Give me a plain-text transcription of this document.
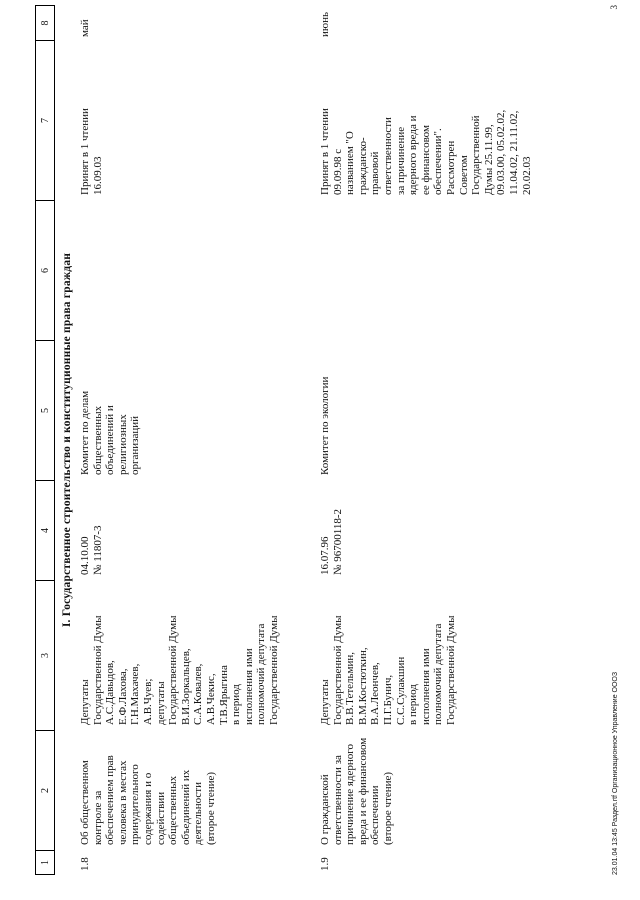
1
2
3
4
5
6
7
8
I. Государственное строительство и конституционные права граждан
1.8
Об общественном
контроле за
обеспечением прав
человека в местах
принудительного
содержания и о
содействии
общественных
объединений их
деятельности
(второе чтение)
Депутаты
Государственной Думы
А.С.Давыдов,
Е.Ф.Лахова,
Г.Н.Махачев,
А.В.Чуев;
депутаты
Государственной Думы
В.И.Зоркальцев,
С.А.Ковалев,
А.В.Чекис,
Т.В.Ярыгина
в период
исполнения ими
полномочий депутата
Государственной Думы
04.10.00
№ 11807-3
Комитет по делам
общественных
объединений и
религиозных
организаций
Принят в 1 чтении
16.09.03
май
1.9
О гражданской
ответственности за
причинение ядерного
вреда и ее финансовом
обеспечении
(второе чтение)
Депутаты
Государственной Думы
В.В.Тетельмин,
В.М.Костюткин,
В.А.Леончев,
П.Г.Бунич,
С.С.Сулакшин
в период
исполнения ими
полномочий депутата
Государственной Думы
16.07.96
№ 96700118-2
Комитет по экологии
Принят в 1 чтении
09.09.98 с
названием "О
гражданско-
правовой
ответственности
за причинение
ядерного вреда и
ее финансовом
обеспечении".
Рассмотрен
Советом
Государственной
Думы 25.11.99,
09.03.00, 05.02.02,
11.04.02, 21.11.02,
20.02.03
июнь
23.01.04 13:45 Раздел.rtf Организационное Управление ОООЗ
3
